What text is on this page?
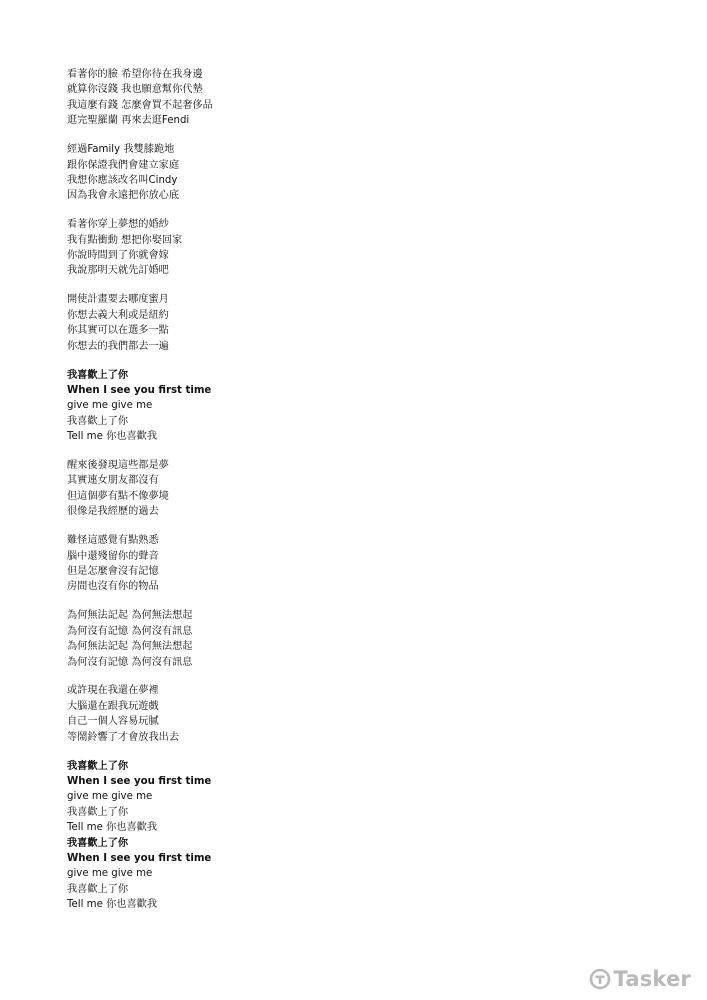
看著你的臉 希望你待在我身邊
就算你沒錢 我也願意幫你代墊
我這麼有錢 怎麼會買不起奢侈品
逛完聖羅蘭 再來去逛Fendi
經過Family 我雙膝跪地
跟你保證我們會建立家庭
我想你應該改名叫Cindy
因為我會永遠把你放心底
看著你穿上夢想的婚紗
我有點衝動 想把你娶回家
你說時間到了你就會嫁
我說那明天就先訂婚吧
開使計畫要去哪度蜜月
你想去義大利或是紐約
你其實可以在選多一點
你想去的我們都去一遍
我喜歡上了你
When I see you first time
give me give me
我喜歡上了你
Tell me 你也喜歡我
醒來後發現這些都是夢
其實連女朋友都沒有
但這個夢有點不像夢境
很像是我經歷的過去
難怪這感覺有點熟悉
腦中還殘留你的聲音
但是怎麼會沒有記憶
房間也沒有你的物品
為何無法記起 為何無法想起
為何沒有記憶 為何沒有訊息
為何無法記起 為何無法想起
為何沒有記憶 為何沒有訊息
或許現在我還在夢裡
大腦還在跟我玩遊戲
自己一個人容易玩膩
等鬧鈴響了才會放我出去
我喜歡上了你
When I see you first time
give me give me
我喜歡上了你
Tell me 你也喜歡我
我喜歡上了你
When I see you first time
give me give me
我喜歡上了你
Tell me 你也喜歡我
Tasker
